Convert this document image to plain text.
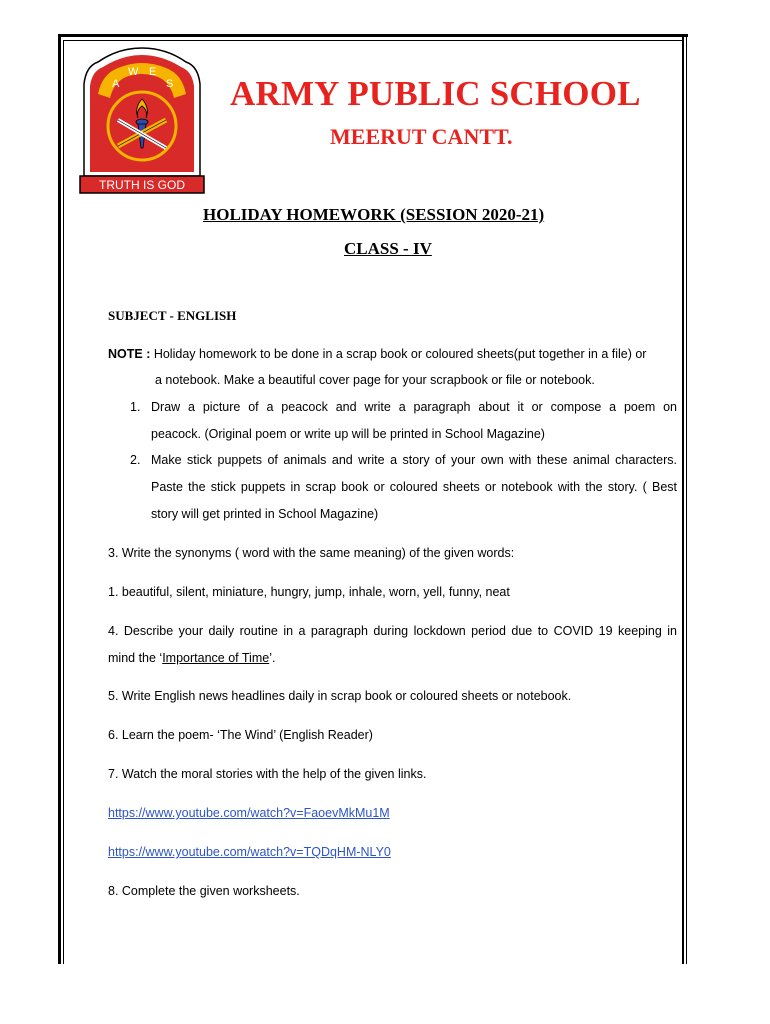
A
W E
S
TRUTH IS GOD
ARMY PUBLIC SCHOOL
MEERUT CANTT.
HOLIDAY HOMEWORK (SESSION 2020-21)
CLASS - IV
SUBJECT - ENGLISH
NOTE : Holiday homework to be done in a scrap book or coloured sheets(put together in a file) or
a notebook. Make a beautiful cover page for your scrapbook or file or notebook.
1. Draw a picture of a peacock and write a paragraph about it or compose a poem on
peacock. (Original poem or write up will be printed in School Magazine)
2. Make stick puppets of animals and write a story of your own with these animal characters.
Paste the stick puppets in scrap book or coloured sheets or notebook with the story. ( Best
story will get printed in School Magazine)
3. Write the synonyms ( word with the same meaning) of the given words:
1. beautiful, silent, miniature, hungry, jump, inhale, worn, yell, funny, neat
4. Describe your daily routine in a paragraph during lockdown period due to COVID 19 keeping in
mind the ‘Importance of Time’.
5. Write English news headlines daily in scrap book or coloured sheets or notebook.
6. Learn the poem- ‘The Wind’ (English Reader)
7. Watch the moral stories with the help of the given links.
https://www.youtube.com/watch?v=FaoevMkMu1M
https://www.youtube.com/watch?v=TQDqHM-NLY0
8. Complete the given worksheets.
